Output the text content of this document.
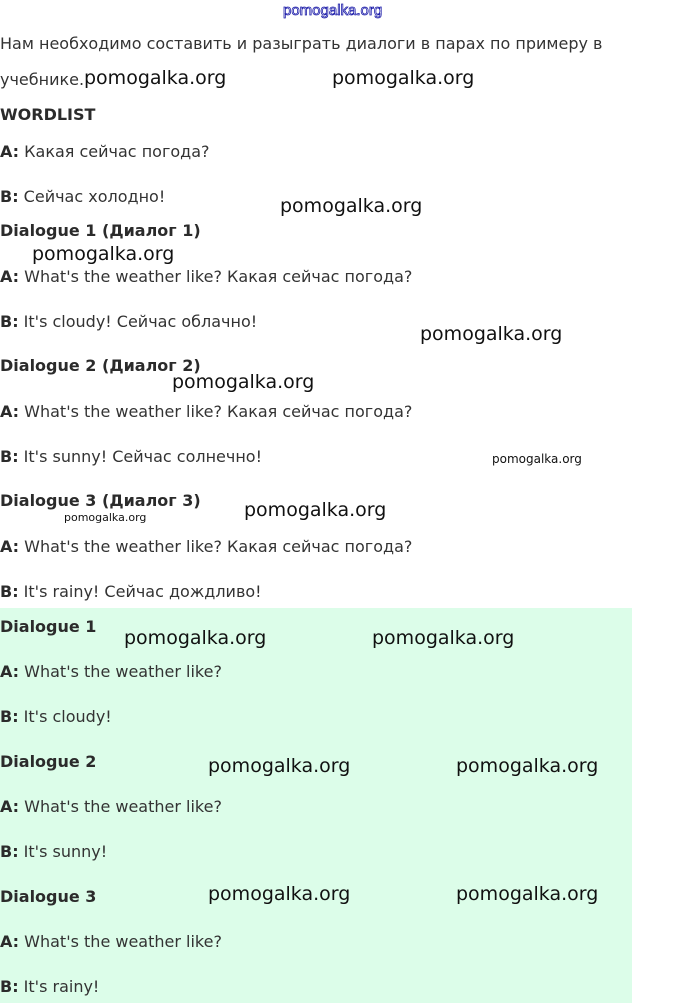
pomogalka.org
Нам необходимо составить и разыграть диалоги в парах по примеру в
учебнике.
WORDLIST
A: Какая сейчас погода?
B: Сейчас холодно!
Dialogue 1 (Диалог 1)
A: What's the weather like? Какая сейчас погода?
B: It's cloudy! Сейчас облачно!
Dialogue 2 (Диалог 2)
A: What's the weather like? Какая сейчас погода?
B: It's sunny! Сейчас солнечно!
Dialogue 3 (Диалог 3)
A: What's the weather like? Какая сейчас погода?
B: It's rainy! Сейчас дождливо!
Dialogue 1
A: What's the weather like?
B: It's cloudy!
Dialogue 2
A: What's the weather like?
B: It's sunny!
Dialogue 3
A: What's the weather like?
B: It's rainy!
pomogalka.org	pomogalka.org
pomogalka.org
pomogalka.org
pomogalka.org
pomogalka.org
pomogalka.org
pomogalka.org
pomogalka.org
pomogalka.org	pomogalka.org
pomogalka.org	pomogalka.org
pomogalka.org	pomogalka.org
